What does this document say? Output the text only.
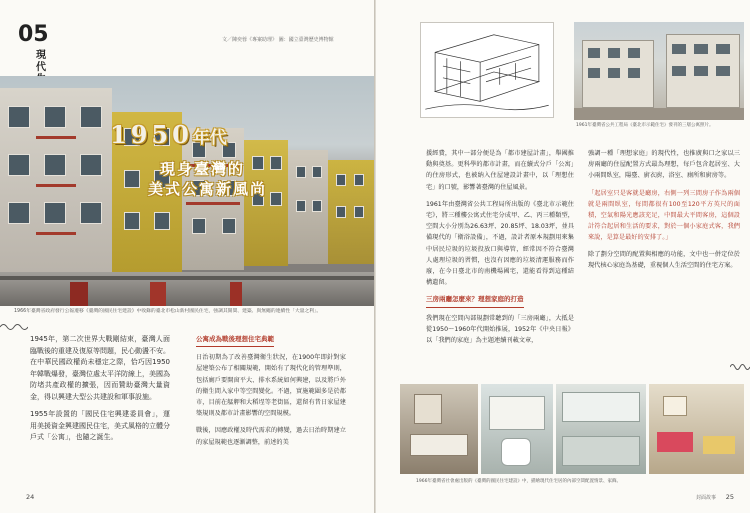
05
現代
文／陳奕蓉《專案助理》 圖：國立臺灣歷史博物館
1950年代
現身臺灣的
美式公寓新風尚
1966年臺灣省政府發行公報遷移《臺灣的國民住宅建設》中收錄的臺北市松山新村國民住宅，強調其開間、建築、與無繩的連續性「大量之利」。

1945年，第二次世界大戰剛結束，臺灣人面臨戰後的重建及復原等問題，民心動盪不安。在中華民國政權尚未穩定之際，恰巧因1950年韓戰爆發，臺灣位處太平洋防線上，美國為防堵共產政權的擴張，因而贊助臺灣大量資金，得以興建大型公共建設和軍事設施。

1955年設置的「國民住宅興建委員會」，運用美援資金興建國民住宅，美式風格的立體分戶式「公寓」，也隨之誕生。

公寓成為戰後理想住宅典範

日治初期為了改善臺灣衛生狀況，在1900年即針對家屋建築公布了相關規範，開始有了現代化的管理準則，包括廁戶要開窗平大、排水系統如何興建，以及將戶外的衛生間入家中等空間變化。不過，實施範圍多是於都市，目前在艋舺和大稻埕等老街區，還留有昔日家屋建築規則及都市計畫影響的空間規模。

戰後，因應政權及時代需求的轉變，過去日治時期建立的家屋規範也逐漸調整，前述的美

24
1961年臺灣省公共工程局《臺北市示範住宅》發刊的三層公寓照片。

援經費，其中一部分便是為「都市建屋計畫」，舉國推動與奠基。更科學的都市計畫，而在續式分戶「公寓」的住房形式，也被納入住屋建設計畫中，以「理想住宅」的口號，影響著臺灣的住屋風景。

1961年由臺灣省公共工程局所出版的《臺北市示範住宅》，將三種樓公寓式住宅分成甲、乙、丙三種類型，空間大小分別為26.63坪、20.85坪、18.03坪，並具備現代的「衛浴設備」，不過，設計者原本規劃用來集中居民垃圾的垃圾投放口與導管，經常因不符合臺灣人處理垃圾的習慣，也沒有因應的垃圾清運服務而作廢，在今日臺北市的南機場國宅，還能看得到這種結構遺留。

三房兩廳怎麼來？理想家庭的打造

我們現在空間內部規劃常聽到的「三房兩廳」，大抵是從1950～1960年代開始推展，1952年《中央日報》以「我們的家庭」為主題連續刊載文章，

強調一種「理想家庭」的現代性，也推廣與口之家以三房兩廳的住屋配置方式最為理想，每戶包含起居室、大小兩間臥室，陽臺、廚衣廚，浴室、廁所和廚房等。

「起居室只是客就是廳房，右側一列三間房子作為兩個就是兩間臥室，每間都很有100至120平方英尺的面積，空氣和陽光應該充足，中間最大平間客房，這個設計符合起居和生活的要求，對於一個小家庭式客，我們來說，是算是最好的安排了。」

除了劃分空間的配置與相應的功能，文中也一併定位於現代核心家庭為基礎，重視個人生活空間的住宅方案。

1966年臺灣省社會處出版的《臺灣的國民住宅建設》中，描繪現代住宅居的內部空間配置情景、家飾。
封面故事 25
